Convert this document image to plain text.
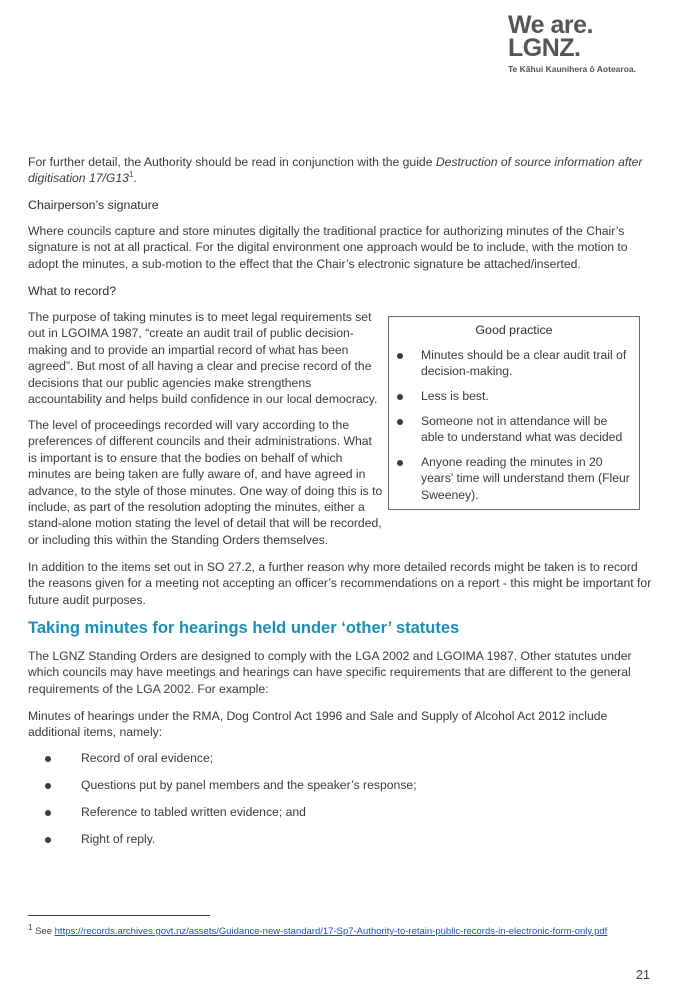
We are.
LGNZ.
Te Kāhui Kaunihera ō Aotearoa.

For further detail, the Authority should be read in conjunction with the guide Destruction of source information after digitisation $17/G13^1$.

Chairperson’s signature

Where councils capture and store minutes digitally the traditional practice for authorizing minutes of the Chair’s signature is not at all practical. For the digital environment one approach would be to include, with the motion to adopt the minutes, a sub-motion to the effect that the Chair’s electronic signature be attached/inserted.

What to record?

The purpose of taking minutes is to meet legal requirements set out in LGOIMA 1987, “create an audit trail of public decision-making and to provide an impartial record of what has been agreed”. But most of all having a clear and precise record of the decisions that our public agencies make strengthens accountability and helps build confidence in our local democracy.

The level of proceedings recorded will vary according to the preferences of different councils and their administrations. What is important is to ensure that the bodies on behalf of which minutes are being taken are fully aware of, and have agreed in advance, to the style of those minutes. One way of doing this is to include, as part of the resolution adopting the minutes, either a stand-alone motion stating the level of detail that will be recorded, or including this within the Standing Orders themselves.

Good practice
Minutes should be a clear audit trail of decision-making.
Less is best.
Someone not in attendance will be able to understand what was decided
Anyone reading the minutes in 20 years’ time will understand them (Fleur Sweeney).

In addition to the items set out in SO 27.2, a further reason why more detailed records might be taken is to record the reasons given for a meeting not accepting an officer’s recommendations on a report - this might be important for future audit purposes.

Taking minutes for hearings held under ‘other’ statutes

The LGNZ Standing Orders are designed to comply with the LGA 2002 and LGOIMA 1987. Other statutes under which councils may have meetings and hearings can have specific requirements that are different to the general requirements of the LGA 2002. For example:

Minutes of hearings under the RMA, Dog Control Act 1996 and Sale and Supply of Alcohol Act 2012 include additional items, namely:

Record of oral evidence;
Questions put by panel members and the speaker’s response;
Reference to tabled written evidence; and
Right of reply.
$^1$ See https://records.archives.govt.nz/assets/Guidance-new-standard/17-Sp7-Authority-to-retain-public-records-in-electronic-form-only.pdf
21
